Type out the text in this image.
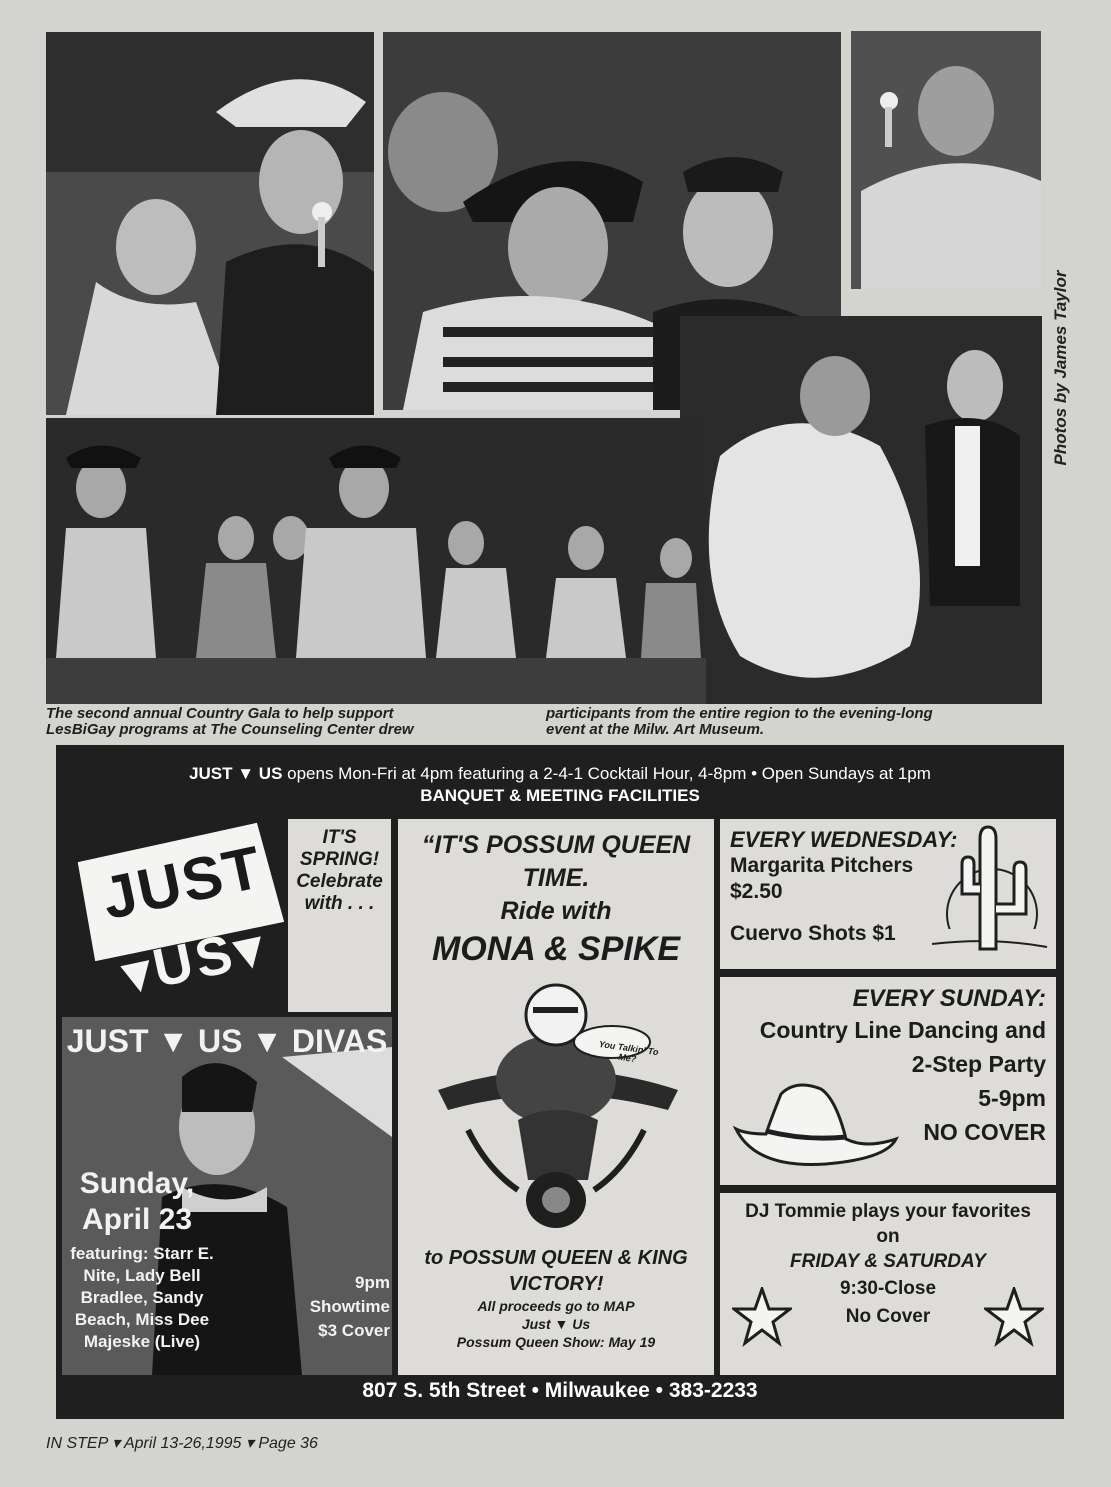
Photos by James Taylor
The second annual Country Gala to help support
LesBiGay programs at The Counseling Center drew
participants from the entire region to the evening-long
event at the Milw. Art Museum.
JUST ▼ US opens Mon-Fri at 4pm featuring a 2-4-1 Cocktail Hour, 4-8pm • Open Sundays at 1pm
BANQUET & MEETING FACILITIES
JUST
▾US▾
IT'S
SPRING!
Celebrate
with . . .
JUST ▼ US ▼ DIVAS
Sunday,
April 23
featuring: Starr E.
Nite, Lady Bell
Bradlee, Sandy
Beach, Miss Dee
Majeske (Live)
9pm
Showtime
$3 Cover
“IT'S POSSUM QUEEN
TIME.
Ride with
MONA & SPIKE
You Talkin' To Me?
to POSSUM QUEEN & KING
VICTORY!
All proceeds go to MAP
Just ▼ Us
Possum Queen Show: May 19
EVERY WEDNESDAY:
Margarita Pitchers
$2.50
Cuervo Shots $1
EVERY SUNDAY:
Country Line Dancing and
2-Step Party
5-9pm
NO COVER
DJ Tommie plays your favorites
on
FRIDAY & SATURDAY
9:30-Close
No Cover
807 S. 5th Street • Milwaukee • 383-2233
IN STEP ▾ April 13-26,1995 ▾ Page 36
